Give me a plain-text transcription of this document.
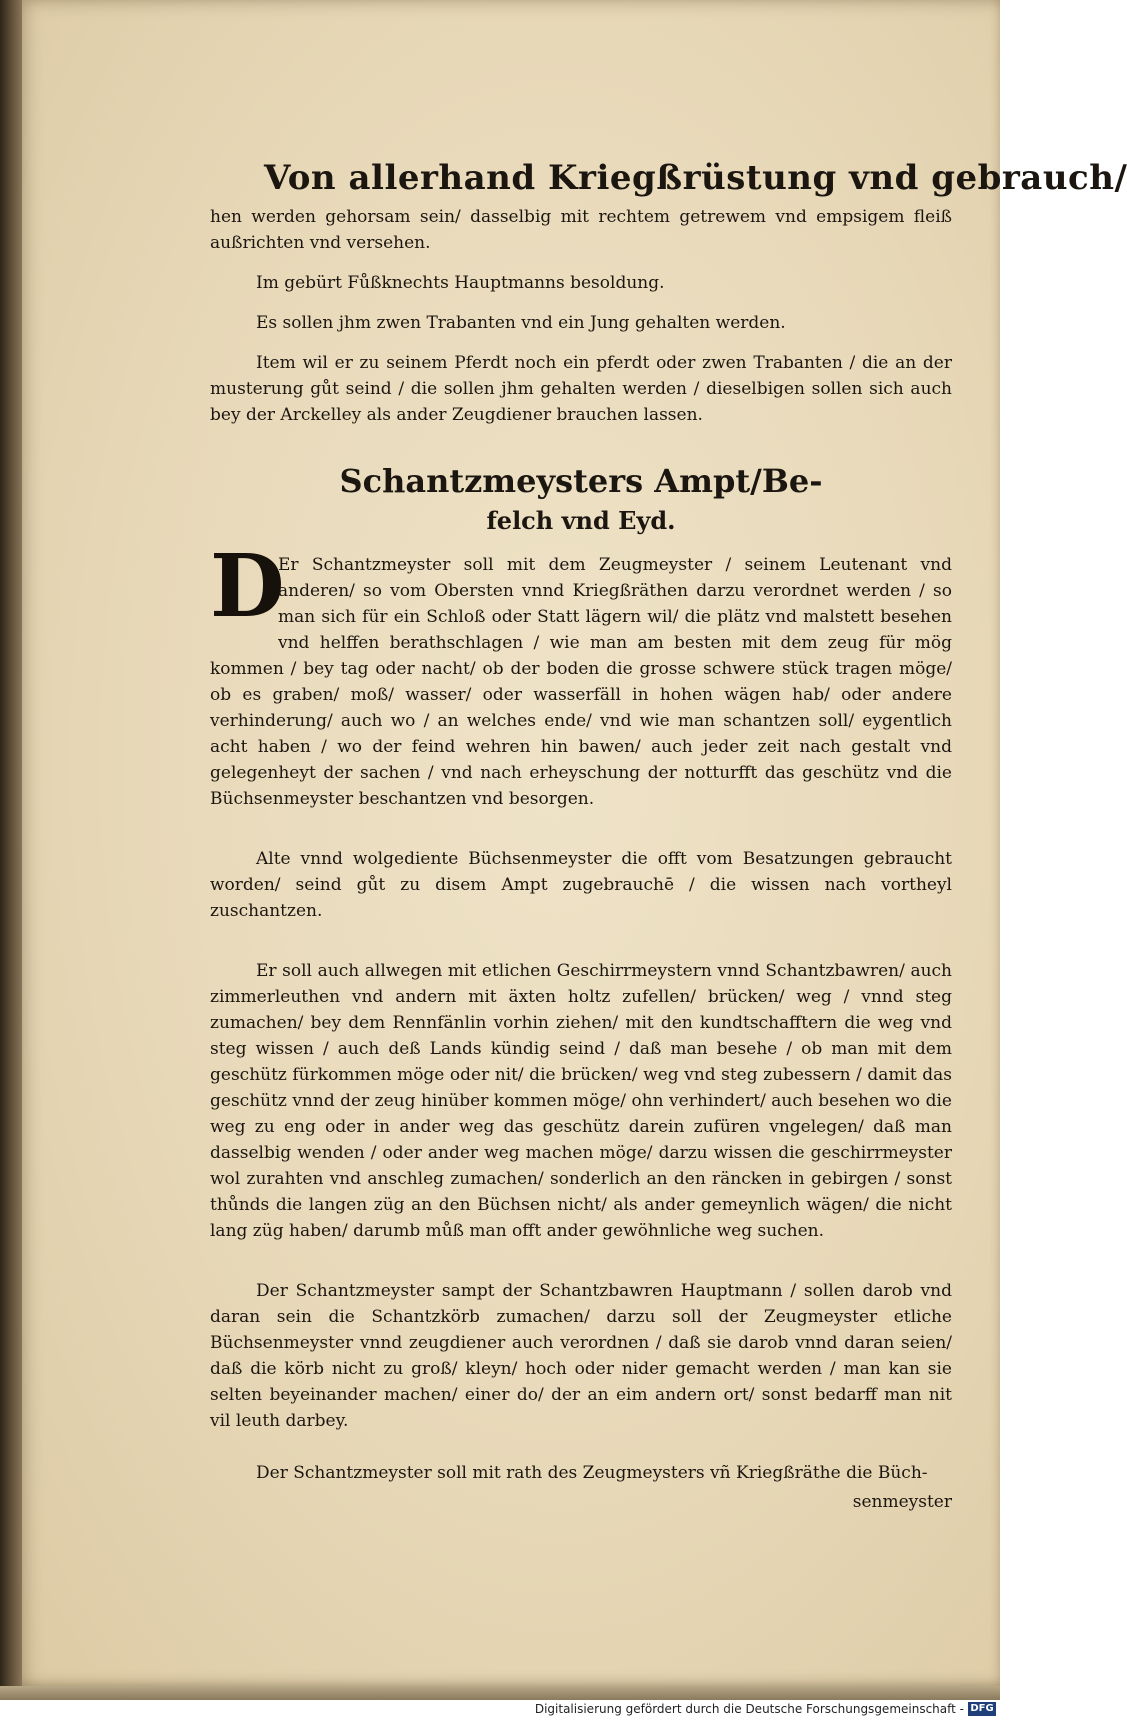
Von allerhand Kriegßrüstung vnd gebrauch/

hen werden gehorsam sein/ dasselbig mit rechtem getrewem vnd empsigem fleiß außrichten vnd versehen.

Im gebürt Fůßknechts Hauptmanns besoldung.

Es sollen jhm zwen Trabanten vnd ein Jung gehalten werden.

Item wil er zu seinem Pferdt noch ein pferdt oder zwen Trabanten / die an der musterung gůt seind / die sollen jhm gehalten werden / dieselbigen sollen sich auch bey der Arckelley als ander Zeugdiener brauchen lassen.

Schantzmeysters Ampt/Be-
felch vnd Eyd.
D

Er Schantzmeyster soll mit dem Zeugmeyster / seinem Leutenant vnd anderen/ so vom Obersten vnnd Kriegßräthen darzu verordnet werden / so man sich für ein Schloß oder Statt lägern wil/ die plätz vnd malstett besehen vnd helffen berathschlagen / wie man am besten mit dem zeug für mög kommen / bey tag oder nacht/ ob der boden die grosse schwere stück tragen möge/ ob es graben/ moß/ wasser/ oder wasserfäll in hohen wägen hab/ oder andere verhinderung/ auch wo / an welches ende/ vnd wie man schantzen soll/ eygentlich acht haben / wo der feind wehren hin bawen/ auch jeder zeit nach gestalt vnd gelegenheyt der sachen / vnd nach erheyschung der notturfft das geschütz vnd die Büchsenmeyster beschantzen vnd besorgen.

Alte vnnd wolgediente Büchsenmeyster die offt vom Besatzungen gebraucht worden/ seind gůt zu disem Ampt zugebrauchē / die wissen nach vortheyl zuschantzen.

Er soll auch allwegen mit etlichen Geschirrmeystern vnnd Schantzbawren/ auch zimmerleuthen vnd andern mit äxten holtz zufellen/ brücken/ weg / vnnd steg zumachen/ bey dem Rennfänlin vorhin ziehen/ mit den kundtschafftern die weg vnd steg wissen / auch deß Lands kündig seind / daß man besehe / ob man mit dem geschütz fürkommen möge oder nit/ die brücken/ weg vnd steg zubessern / damit das geschütz vnnd der zeug hinüber kommen möge/ ohn verhindert/ auch besehen wo die weg zu eng oder in ander weg das geschütz darein zufüren vngelegen/ daß man dasselbig wenden / oder ander weg machen möge/ darzu wissen die geschirrmeyster wol zurahten vnd anschleg zumachen/ sonderlich an den räncken in gebirgen / sonst thůnds die langen züg an den Büchsen nicht/ als ander gemeynlich wägen/ die nicht lang züg haben/ darumb můß man offt ander gewöhnliche weg suchen.

Der Schantzmeyster sampt der Schantzbawren Hauptmann / sollen darob vnd daran sein die Schantzkörb zumachen/ darzu soll der Zeugmeyster etliche Büchsenmeyster vnnd zeugdiener auch verordnen / daß sie darob vnnd daran seien/ daß die körb nicht zu groß/ kleyn/ hoch oder nider gemacht werden / man kan sie selten beyeinander machen/ einer do/ der an eim andern ort/ sonst bedarff man nit vil leuth darbey.

Der Schantzmeyster soll mit rath des Zeugmeysters vñ Kriegßräthe die Büch-

senmeyster
Digitalisierung gefördert durch die Deutsche Forschungsgemeinschaft - DFG
